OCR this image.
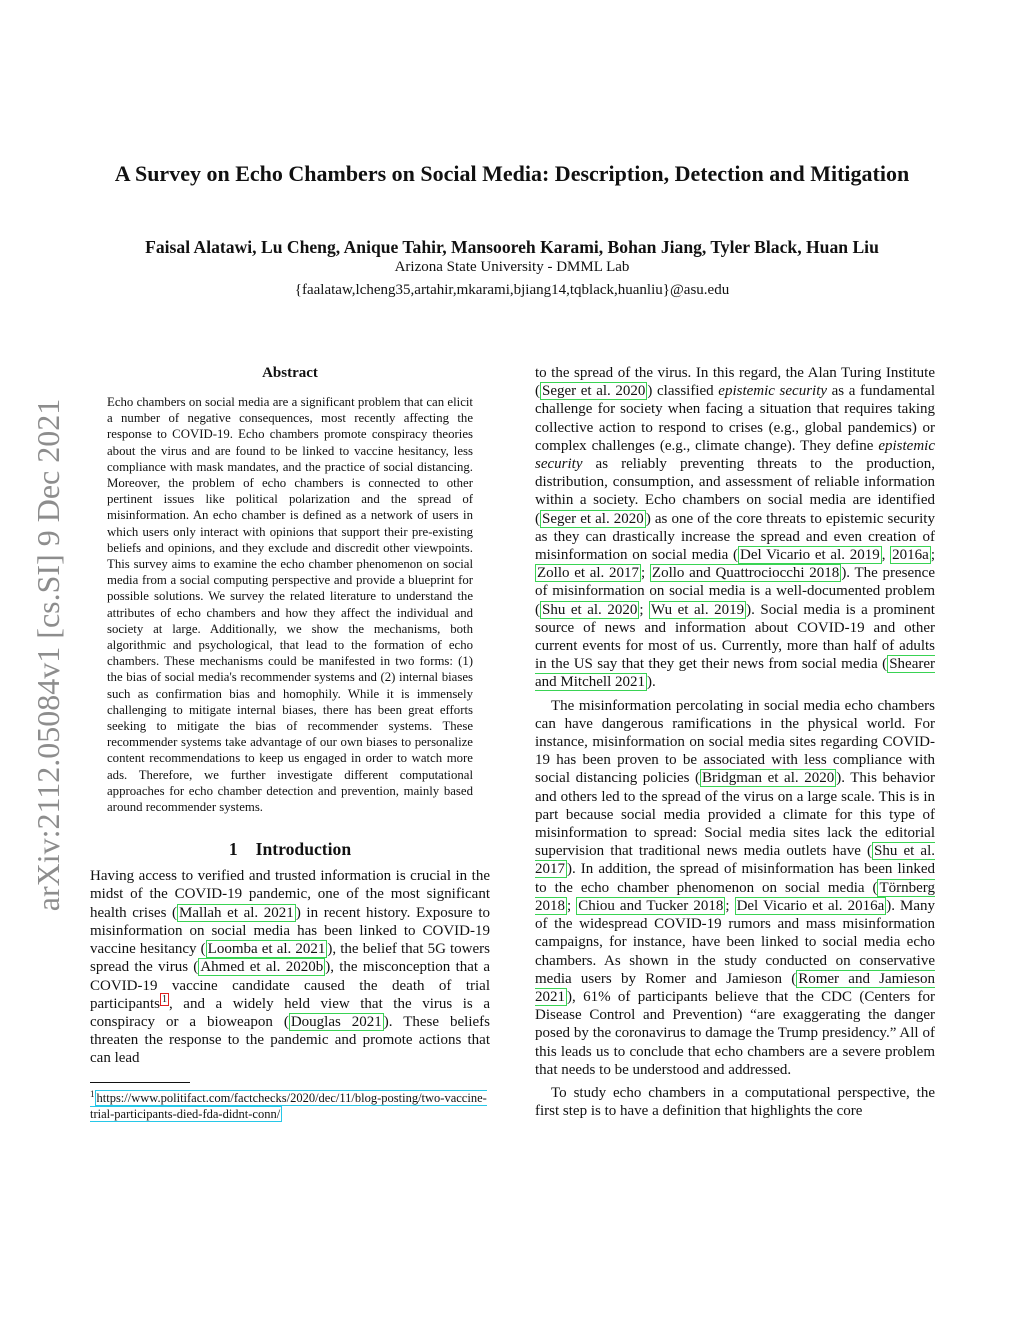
arXiv:2112.05084v1 [cs.SI] 9 Dec 2021
A Survey on Echo Chambers on Social Media: Description, Detection and Mitigation
Faisal Alatawi, Lu Cheng, Anique Tahir, Mansooreh Karami, Bohan Jiang, Tyler Black, Huan Liu
Arizona State University - DMML Lab
{faalataw,lcheng35,artahir,mkarami,bjiang14,tqblack,huanliu}@asu.edu
Abstract
Echo chambers on social media are a significant problem that can elicit a number of negative consequences, most recently affecting the response to COVID-19. Echo chambers promote conspiracy theories about the virus and are found to be linked to vaccine hesitancy, less compliance with mask mandates, and the practice of social distancing. Moreover, the problem of echo chambers is connected to other pertinent issues like political polarization and the spread of misinformation. An echo chamber is defined as a network of users in which users only interact with opinions that support their pre-existing beliefs and opinions, and they exclude and discredit other viewpoints. This survey aims to examine the echo chamber phenomenon on social media from a social computing perspective and provide a blueprint for possible solutions. We survey the related literature to understand the attributes of echo chambers and how they affect the individual and society at large. Additionally, we show the mechanisms, both algorithmic and psychological, that lead to the formation of echo chambers. These mechanisms could be manifested in two forms: (1) the bias of social media's recommender systems and (2) internal biases such as confirmation bias and homophily. While it is immensely challenging to mitigate internal biases, there has been great efforts seeking to mitigate the bias of recommender systems. These recommender systems take advantage of our own biases to personalize content recommendations to keep us engaged in order to watch more ads. Therefore, we further investigate different computational approaches for echo chamber detection and prevention, mainly based around recommender systems.
1 Introduction

Having access to verified and trusted information is crucial in the midst of the COVID-19 pandemic, one of the most significant health crises ( Mallah et al. 2021 ) in recent history. Exposure to misinformation on social media has been linked to COVID-19 vaccine hesitancy ( Loomba et al. 2021 ), the belief that 5G towers spread the virus ( Ahmed et al. 2020b ), the misconception that a COVID-19 vaccine candidate caused the death of trial participants $^1$ , and a widely held view that the virus is a conspiracy or a bioweapon ( Douglas 2021 ). These beliefs threaten the response to the pandemic and promote actions that can lead

$^1$ https://www.politifact.com/factchecks/2020/dec/11/blog-posting/two-vaccine-trial-participants-died-fda-didnt-conn/

to the spread of the virus. In this regard, the Alan Turing Institute ( Seger et al. 2020 ) classified epistemic security as a fundamental challenge for society when facing a situation that requires taking collective action to respond to crises (e.g., global pandemics) or complex challenges (e.g., climate change). They define epistemic security as reliably preventing threats to the production, distribution, consumption, and assessment of reliable information within a society. Echo chambers on social media are identified ( Seger et al. 2020 ) as one of the core threats to epistemic security as they can drastically increase the spread and even creation of misinformation on social media ( Del Vicario et al. 2019 , 2016a ; Zollo et al. 2017 ; Zollo and Quattrociocchi 2018 ). The presence of misinformation on social media is a well-documented problem ( Shu et al. 2020 ; Wu et al. 2019 ). Social media is a prominent source of news and information about COVID-19 and other current events for most of us. Currently, more than half of adults in the US say that they get their news from social media ( Shearer and Mitchell 2021 ).

The misinformation percolating in social media echo chambers can have dangerous ramifications in the physical world. For instance, misinformation on social media sites regarding COVID-19 has been proven to be associated with less compliance with social distancing policies ( Bridgman et al. 2020 ). This behavior and others led to the spread of the virus on a large scale. This is in part because social media provided a climate for this type of misinformation to spread: Social media sites lack the editorial supervision that traditional news media outlets have ( Shu et al. 2017 ). In addition, the spread of misinformation has been linked to the echo chamber phenomenon on social media ( Törnberg 2018 ; Chiou and Tucker 2018 ; Del Vicario et al. 2016a ). Many of the widespread COVID-19 rumors and mass misinformation campaigns, for instance, have been linked to social media echo chambers. As shown in the study conducted on conservative media users by Romer and Jamieson ( Romer and Jamieson 2021 ), 61% of participants believe that the CDC (Centers for Disease Control and Prevention) “are exaggerating the danger posed by the coronavirus to damage the Trump presidency.” All of this leads us to conclude that echo chambers are a severe problem that needs to be understood and addressed.

To study echo chambers in a computational perspective, the first step is to have a definition that highlights the core
